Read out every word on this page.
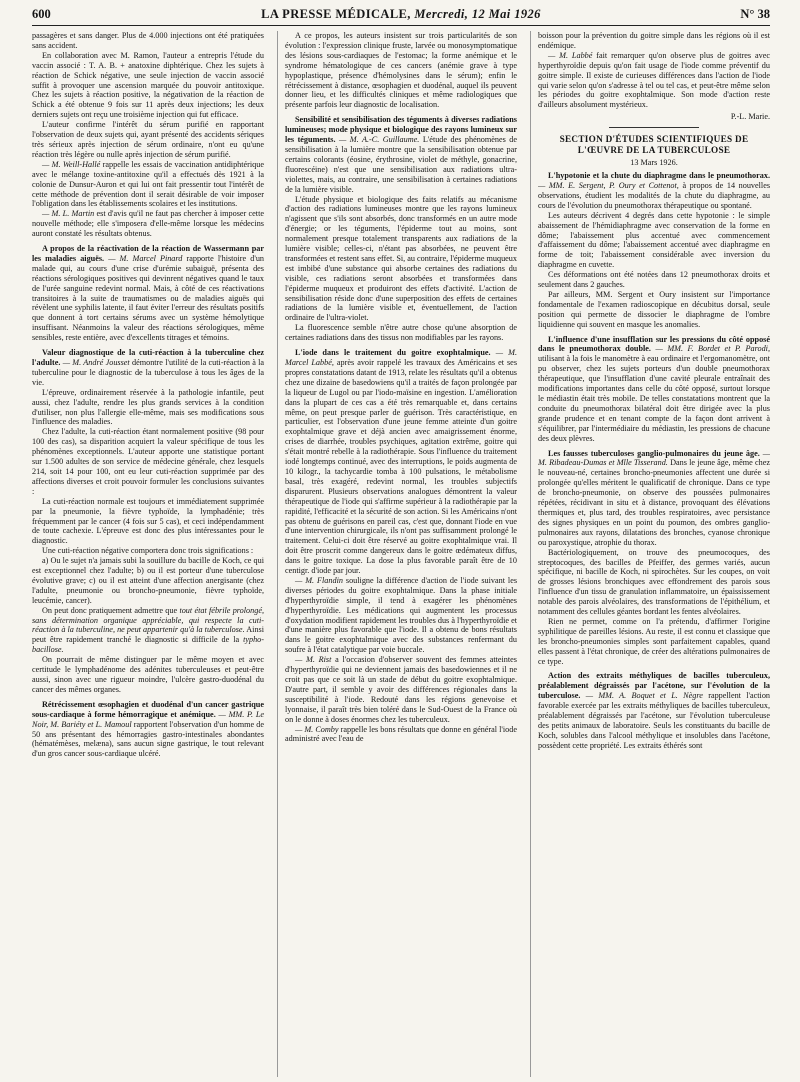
600	LA PRESSE MÉDICALE, Mercredi, 12 Mai 1926	N° 38

passagères et sans danger. Plus de 4.000 injections ont été pratiquées sans accident.

En collaboration avec M. Ramon, l'auteur a entrepris l'étude du vaccin associé : T. A. B. + anatoxine diphtérique. Chez les sujets à réaction de Schick négative, une seule injection de vaccin associé suffit à provoquer une ascension marquée du pouvoir antitoxique. Chez les sujets à réaction positive, la négativation de la réaction de Schick a été obtenue 9 fois sur 11 après deux injections; les deux derniers sujets ont reçu une troisième injection qui fut efficace.

L'auteur confirme l'intérêt du sérum purifié en rapportant l'observation de deux sujets qui, ayant présenté des accidents sériques très sérieux après injection de sérum ordinaire, n'ont eu qu'une réaction très légère ou nulle après injection de sérum purifié.

— M. Weill-Hallé rappelle les essais de vaccination antidiphtérique avec le mélange toxine-antitoxine qu'il a effectués dès 1921 à la colonie de Dunsur-Auron et qui lui ont fait pressentir tout l'intérêt de cette méthode de prévention dont il serait désirable de voir imposer l'obligation dans les établissements scolaires et les institutions.

— M. L. Martin est d'avis qu'il ne faut pas chercher à imposer cette nouvelle méthode; elle s'imposera d'elle-même lorsque les médecins auront constaté les résultats obtenus.

A propos de la réactivation de la réaction de Wassermann par les maladies aiguës. — M. Marcel Pinard rapporte l'histoire d'un malade qui, au cours d'une crise d'urémie subaiguë, présenta des réactions sérologiques positives qui devinrent négatives quand le taux de l'urée sanguine redevint normal. Mais, à côté de ces réactivations transitoires à la suite de traumatismes ou de maladies aiguës qui révèlent une syphilis latente, il faut éviter l'erreur des résultats positifs que donnent à tort certains sérums avec un système hémolytique insuffisant. Néanmoins la valeur des réactions sérologiques, même sensibles, reste entière, avec d'excellents titrages et témoins.

Valeur diagnostique de la cuti-réaction à la tuberculine chez l'adulte. — M. André Jousset démontre l'utilité de la cuti-réaction à la tuberculine pour le diagnostic de la tuberculose à tous les âges de la vie.

L'épreuve, ordinairement réservée à la pathologie infantile, peut aussi, chez l'adulte, rendre les plus grands services à la condition d'utiliser, non plus l'allergie elle-même, mais ses modifications sous l'influence des maladies.

Chez l'adulte, la cuti-réaction étant normalement positive (98 pour 100 des cas), sa disparition acquiert la valeur spécifique de tous les phénomènes exceptionnels. L'auteur apporte une statistique portant sur 1.500 adultes de son service de médecine générale, chez lesquels 214, soit 14 pour 100, ont eu leur cuti-réaction supprimée par des affections diverses et croit pouvoir formuler les conclusions suivantes :

La cuti-réaction normale est toujours et immédiatement supprimée par la pneumonie, la fièvre typhoïde, la lymphadénie; très fréquemment par le cancer (4 fois sur 5 cas), et ceci indépendamment de toute cachexie. L'épreuve est donc des plus intéressantes pour le diagnostic.

Une cuti-réaction négative comportera donc trois significations :

a) Ou le sujet n'a jamais subi la souillure du bacille de Koch, ce qui est exceptionnel chez l'adulte; b) ou il est porteur d'une tuberculose évolutive grave; c) ou il est atteint d'une affection anergisante (chez l'adulte, pneumonie ou broncho-pneumonie, fièvre typhoïde, leucémie, cancer).

On peut donc pratiquement admettre que tout état fébrile prolongé, sans détermination organique appréciable, qui respecte la cuti-réaction à la tuberculine, ne peut appartenir qu'à la tuberculose. Ainsi peut être rapidement tranché le diagnostic si difficile de la typho-bacillose.

On pourrait de même distinguer par le même moyen et avec certitude le lymphadénome des adénites tuberculeuses et peut-être aussi, sinon avec une rigueur moindre, l'ulcère gastro-duodénal du cancer des mêmes organes.

Rétrécissement œsophagien et duodénal d'un cancer gastrique sous-cardiaque à forme hémorragique et anémique. — MM. P. Le Noir, M. Bariéty et L. Mamoul rapportent l'observation d'un homme de 50 ans présentant des hémorragies gastro-intestinales abondantes (hématémèses, melæna), sans aucun signe gastrique, le tout relevant d'un gros cancer sous-cardiaque ulcéré.

A ce propos, les auteurs insistent sur trois particularités de son évolution : l'expression clinique fruste, larvée ou monosymptomatique des lésions sous-cardiaques de l'estomac; la forme anémique et le syndrome hématologique de ces cancers (anémie grave à type hypoplastique, présence d'hémolysines dans le sérum); enfin le rétrécissement à distance, œsophagien et duodénal, auquel ils peuvent donner lieu, et les difficultés cliniques et même radiologiques que présente parfois leur diagnostic de localisation.

Sensibilité et sensibilisation des téguments à diverses radiations lumineuses; mode physique et biologique des rayons lumineux sur les téguments. — M. A.-C. Guillaume. L'étude des phénomènes de sensibilisation à la lumière montre que la sensibilisation obtenue par certains colorants (éosine, érythrosine, violet de méthyle, gonacrine, fluorescéine) n'est que une sensibilisation aux radiations ultra-violettes, mais, au contraire, une sensibilisation à certaines radiations de la lumière visible.

L'étude physique et biologique des faits relatifs au mécanisme d'action des radiations lumineuses montre que les rayons lumineux n'agissent que s'ils sont absorbés, donc transformés en un autre mode d'énergie; or les téguments, l'épiderme tout au moins, sont normalement presque totalement transparents aux radiations de la lumière visible; celles-ci, n'étant pas absorbées, ne peuvent être transformées et restent sans effet. Si, au contraire, l'épiderme muqueux est imbibé d'une substance qui absorbe certaines des radiations du visible, ces radiations seront absorbées et transformées dans l'épiderme muqueux et produiront des effets d'activité. L'action de sensibilisation réside donc d'une superposition des effets de certaines radiations de la lumière visible et, éventuellement, de l'action ordinaire de l'ultra-violet.

La fluorescence semble n'être autre chose qu'une absorption de certaines radiations dans des tissus non modifiables par les rayons.

L'iode dans le traitement du goitre exophtalmique. — M. Marcel Labbé, après avoir rappelé les travaux des Américains et ses propres constatations datant de 1913, relate les résultats qu'il a obtenus chez une dizaine de basedowiens qu'il a traités de façon prolongée par la liqueur de Lugol ou par l'iodo-maïsine en ingestion. L'amélioration dans la plupart de ces cas a été très remarquable et, dans certains même, on peut presque parler de guérison. Très caractéristique, en particulier, est l'observation d'une jeune femme atteinte d'un goitre exophtalmique grave et déjà ancien avec amaigrissement énorme, crises de diarrhée, troubles psychiques, agitation extrême, goitre qui s'était montré rebelle à la radiothérapie. Sous l'influence du traitement iodé longtemps continué, avec des interruptions, le poids augmenta de 10 kilogr., la tachycardie tomba à 100 pulsations, le métabolisme basal, très exagéré, redevint normal, les troubles subjectifs disparurent. Plusieurs observations analogues démontrent la valeur thérapeutique de l'iode qui s'affirme supérieur à la radiothérapie par la rapidité, l'efficacité et la sécurité de son action. Si les Américains n'ont pas obtenu de guérisons en pareil cas, c'est que, donnant l'iode en vue d'une intervention chirurgicale, ils n'ont pas suffisamment prolongé le traitement. Celui-ci doit être réservé au goitre exophtalmique vrai. Il doit être proscrit comme dangereux dans le goitre œdémateux diffus, dans le goitre toxique. La dose la plus favorable paraît être de 10 centigr. d'iode par jour.

— M. Flandin souligne la différence d'action de l'iode suivant les diverses périodes du goitre exophtalmique. Dans la phase initiale d'hyperthyroïdie simple, il tend à exagérer les phénomènes d'hyperthyroïdie. Les médications qui augmentent les processus d'oxydation modifient rapidement les troubles dus à l'hyperthyroïdie et d'une manière plus favorable que l'iode. Il a obtenu de bons résultats dans le goitre exophtalmique avec des substances renfermant du soufre à l'état catalytique par voie buccale.

— M. Rist a l'occasion d'observer souvent des femmes atteintes d'hyperthyroïdie qui ne deviennent jamais des basedowiennes et il ne croit pas que ce soit là un stade de début du goitre exophtalmique. D'autre part, il semble y avoir des différences régionales dans la susceptibilité à l'iode. Redouté dans les régions genevoise et lyonnaise, il paraît très bien toléré dans le Sud-Ouest de la France où on le donne à doses énormes chez les tuberculeux.

— M. Comby rappelle les bons résultats que donne en général l'iode administré avec l'eau de

boisson pour la prévention du goitre simple dans les régions où il est endémique.

— M. Labbé fait remarquer qu'on observe plus de goitres avec hyperthyroïdie depuis qu'on fait usage de l'iode comme préventif du goitre simple. Il existe de curieuses différences dans l'action de l'iode qui varie selon qu'on s'adresse à tel ou tel cas, et peut-être même selon les périodes du goitre exophtalmique. Son mode d'action reste d'ailleurs absolument mystérieux.

P.-L. Marie.

SECTION D'ÉTUDES SCIENTIFIQUES DE L'ŒUVRE DE LA TUBERCULOSE

13 Mars 1926.

L'hypotonie et la chute du diaphragme dans le pneumothorax. — MM. E. Sergent, P. Oury et Cottenot, à propos de 14 nouvelles observations, étudient les modalités de la chute du diaphragme, au cours de l'évolution du pneumothorax thérapeutique ou spontané.

Les auteurs décrivent 4 degrés dans cette hypotonie : le simple abaissement de l'hémidiaphragme avec conservation de la forme en dôme; l'abaissement plus accentué avec commencement d'affaissement du dôme; l'abaissement accentué avec diaphragme en forme de toit; l'abaissement considérable avec inversion du diaphragme en cuvette.

Ces déformations ont été notées dans 12 pneumothorax droits et seulement dans 2 gauches.

Par ailleurs, MM. Sergent et Oury insistent sur l'importance fondamentale de l'examen radioscopique en décubitus dorsal, seule position qui permette de dissocier le diaphragme de l'ombre liquidienne qui souvent en masque les anomalies.

L'influence d'une insufflation sur les pressions du côté opposé dans le pneumothorax double. — MM. F. Bordet et P. Parodi, utilisant à la fois le manomètre à eau ordinaire et l'ergomanomètre, ont pu observer, chez les sujets porteurs d'un double pneumothorax thérapeutique, que l'insufflation d'une cavité pleurale entraînait des modifications importantes dans celle du côté opposé, surtout lorsque le médiastin était très mobile. De telles constatations montrent que la conduite du pneumothorax bilatéral doit être dirigée avec la plus grande prudence et en tenant compte de la façon dont arrivent à s'équilibrer, par l'intermédiaire du médiastin, les pressions de chacune des deux plèvres.

Les fausses tuberculoses ganglio-pulmonaires du jeune âge. — M. Ribadeau-Dumas et Mlle Tisserand. Dans le jeune âge, même chez le nouveau-né, certaines broncho-pneumonies affectent une durée si prolongée qu'elles méritent le qualificatif de chronique. Dans ce type de broncho-pneumonie, on observe des poussées pulmonaires répétées, récidivant in situ et à distance, provoquant des élévations thermiques et, plus tard, des troubles respiratoires, avec persistance des signes physiques en un point du poumon, des ombres ganglio-pulmonaires aux rayons, dilatations des bronches, cyanose chronique ou paroxystique, atrophie du thorax.

Bactériologiquement, on trouve des pneumocoques, des streptocoques, des bacilles de Pfeiffer, des germes variés, aucun spécifique, ni bacille de Koch, ni spirochètes. Sur les coupes, on voit de grosses lésions bronchiques avec effondrement des parois sous l'influence d'un tissu de granulation inflammatoire, un épaississement notable des parois alvéolaires, des transformations de l'épithélium, et notamment des cellules géantes bordant les fentes alvéolaires.

Rien ne permet, comme on l'a prétendu, d'affirmer l'origine syphilitique de pareilles lésions. Au reste, il est connu et classique que les broncho-pneumonies simples sont parfaitement capables, quand elles passent à l'état chronique, de créer des altérations pulmonaires de ce type.

Action des extraits méthyliques de bacilles tuberculeux, préalablement dégraissés par l'acétone, sur l'évolution de la tuberculose. — MM. A. Boquet et L. Nègre rappellent l'action favorable exercée par les extraits méthyliques de bacilles tuberculeux, préalablement dégraissés par l'acétone, sur l'évolution tuberculeuse des petits animaux de laboratoire. Seuls les constituants du bacille de Koch, solubles dans l'alcool méthylique et insolubles dans l'acétone, possèdent cette propriété. Les extraits éthérés sont
